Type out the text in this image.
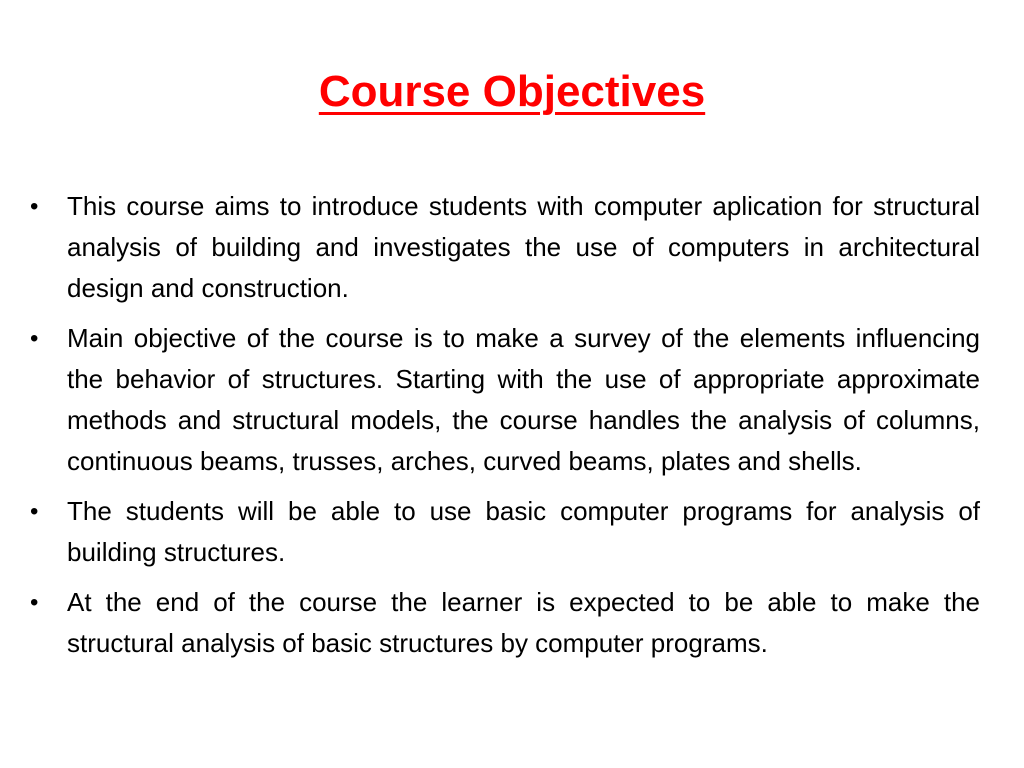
Course Objectives
•	This course aims to introduce students with computer aplication for structural analysis of building and investigates the use of computers in architectural design and construction.
•	Main objective of the course is to make a survey of the elements influencing the behavior of structures. Starting with the use of appropriate approximate methods and structural models, the course handles the analysis of columns, continuous beams, trusses, arches, curved beams, plates and shells.
•	The students will be able to use basic computer programs for analysis of building structures.
•	At the end of the course the learner is expected to be able to make the structural analysis of basic structures by computer programs.
